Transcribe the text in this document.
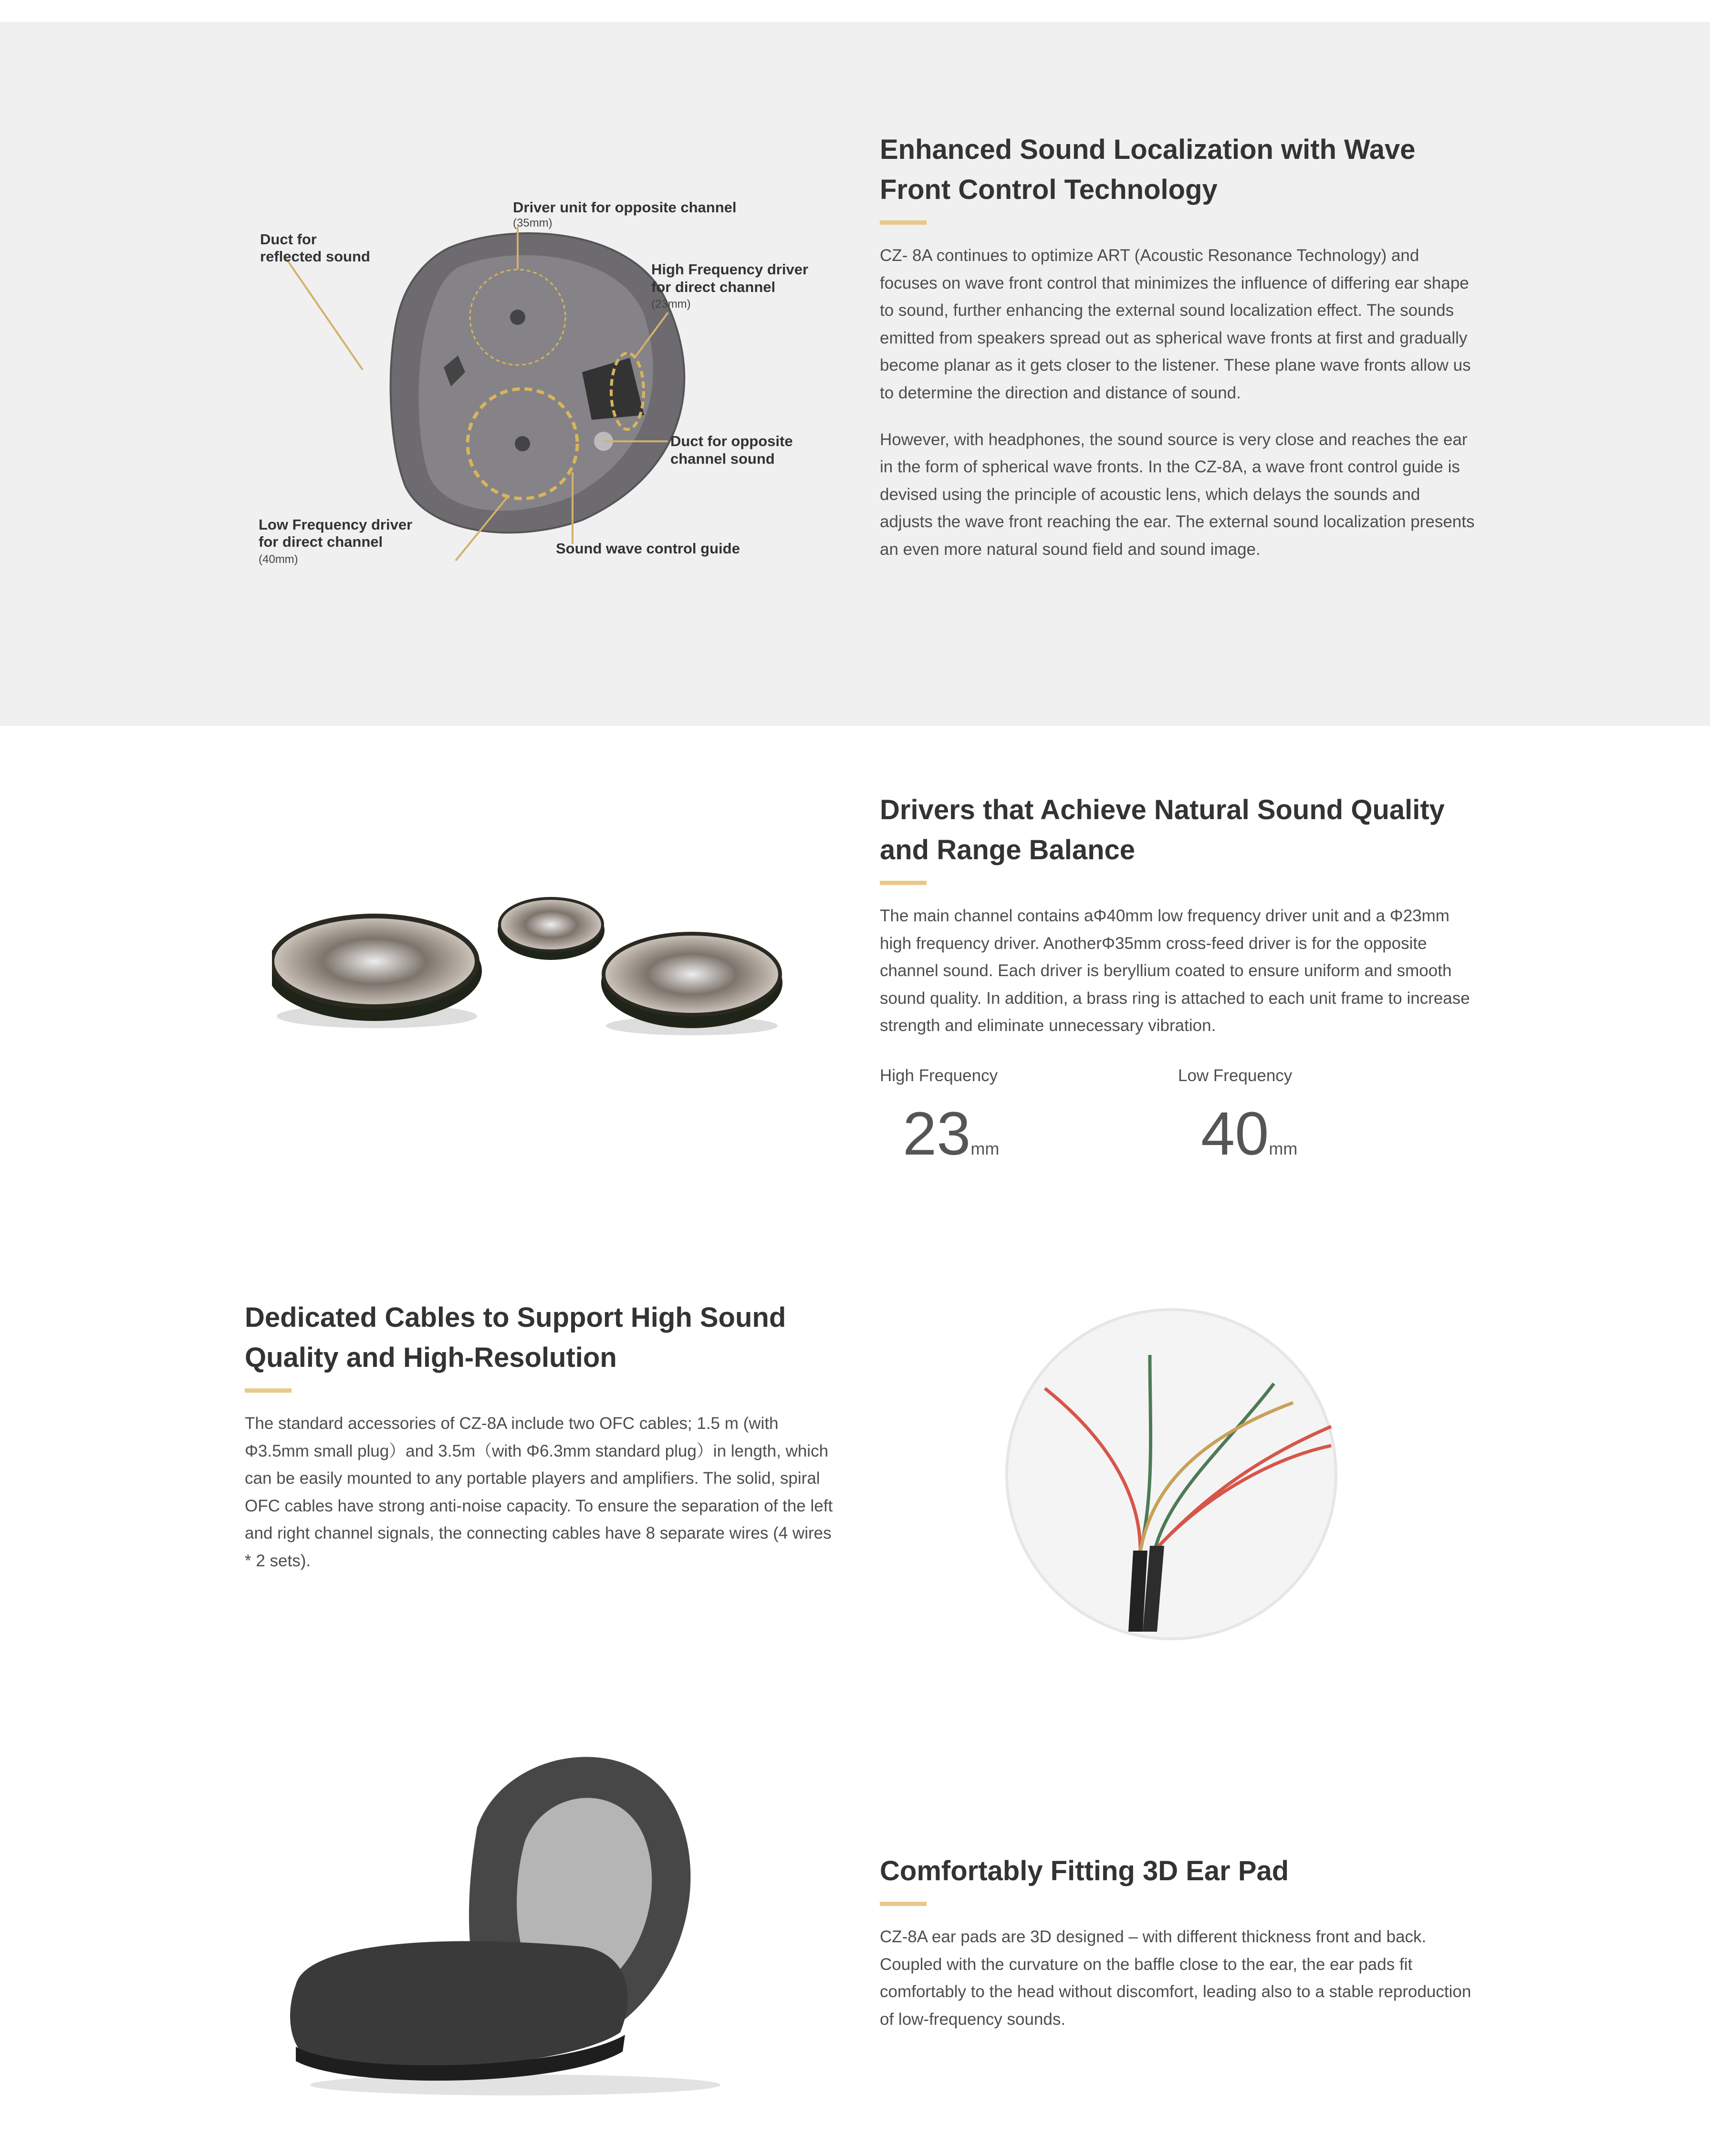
Driver unit for opposite channel
(35mm)
Duct for
reflected sound
High Frequency driver
for direct channel
(23mm)
Duct for opposite
channel sound
Low Frequency driver
for direct channel
(40mm)
Sound wave control guide
Enhanced Sound Localization with Wave Front Control Technology

CZ- 8A continues to optimize ART (Acoustic Resonance Technology) and focuses on wave front control that minimizes the influence of differing ear shape to sound, further enhancing the external sound localization effect. The sounds emitted from speakers spread out as spherical wave fronts at first and gradually become planar as it gets closer to the listener. These plane wave fronts allow us to determine the direction and distance of sound.

However, with headphones, the sound source is very close and reaches the ear in the form of spherical wave fronts. In the CZ-8A, a wave front control guide is devised using the principle of acoustic lens, which delays the sounds and adjusts the wave front reaching the ear. The external sound localization presents an even more natural sound field and sound image.

Drivers that Achieve Natural Sound Quality and Range Balance

The main channel contains aΦ40mm low frequency driver unit and a Φ23mm high frequency driver. AnotherΦ35mm cross-feed driver is for the opposite channel sound. Each driver is beryllium coated to ensure uniform and smooth sound quality. In addition, a brass ring is attached to each unit frame to increase strength and eliminate unnecessary vibration.

High Frequency
23mm
Low Frequency
40mm
Dedicated Cables to Support High Sound Quality and High-Resolution

The standard accessories of CZ-8A include two OFC cables; 1.5 m (with Φ3.5mm small plug）and 3.5m（with Φ6.3mm standard plug）in length, which can be easily mounted to any portable players and amplifiers. The solid, spiral OFC cables have strong anti-noise capacity. To ensure the separation of the left and right channel signals, the connecting cables have 8 separate wires (4 wires * 2 sets).

Comfortably Fitting 3D Ear Pad

CZ-8A ear pads are 3D designed – with different thickness front and back. Coupled with the curvature on the baffle close to the ear, the ear pads fit comfortably to the head without discomfort, leading also to a stable reproduction of low-frequency sounds.
